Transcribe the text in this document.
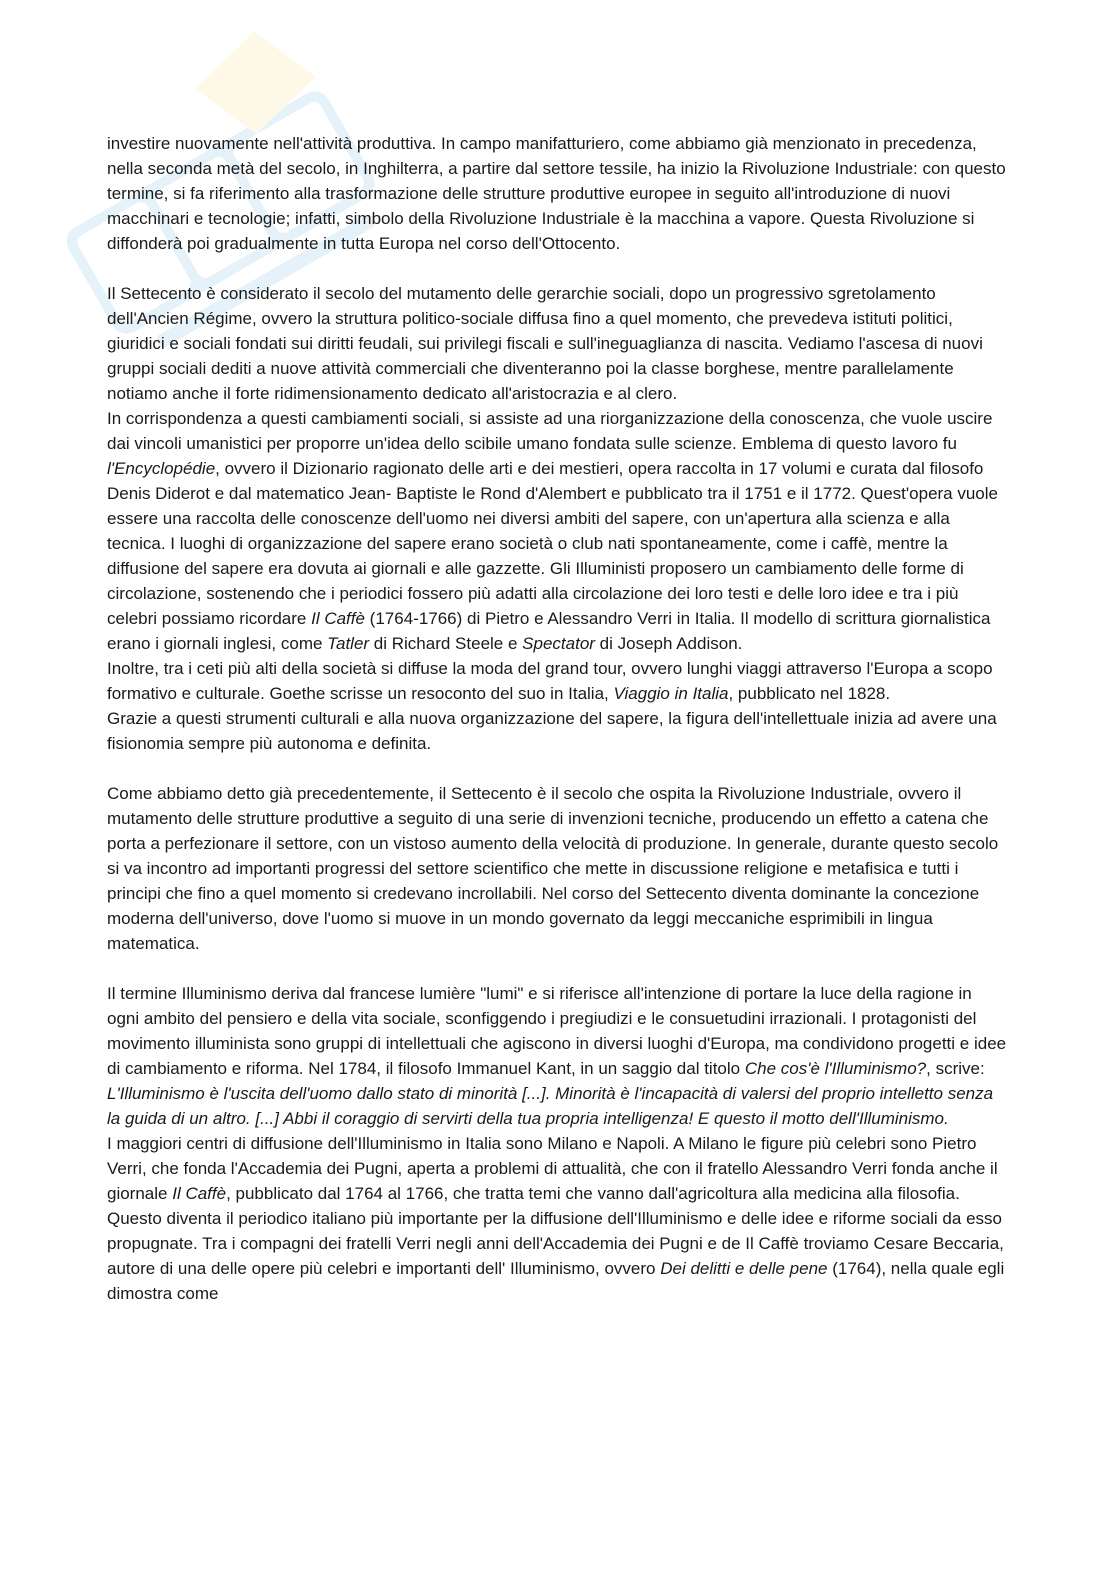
investire nuovamente nell'attività produttiva. In campo manifatturiero, come abbiamo già menzionato in precedenza, nella seconda metà del secolo, in Inghilterra, a partire dal settore tessile, ha inizio la Rivoluzione Industriale: con questo termine, si fa riferimento alla trasformazione delle strutture produttive europee in seguito all'introduzione di nuovi macchinari e tecnologie; infatti, simbolo della Rivoluzione Industriale è la macchina a vapore. Questa Rivoluzione si diffonderà poi gradualmente in tutta Europa nel corso dell'Ottocento.

Il Settecento è considerato il secolo del mutamento delle gerarchie sociali, dopo un progressivo sgretolamento dell'Ancien Régime, ovvero la struttura politico-sociale diffusa fino a quel momento, che prevedeva istituti politici, giuridici e sociali fondati sui diritti feudali, sui privilegi fiscali e sull'ineguaglianza di nascita. Vediamo l'ascesa di nuovi gruppi sociali dediti a nuove attività commerciali che diventeranno poi la classe borghese, mentre parallelamente notiamo anche il forte ridimensionamento dedicato all'aristocrazia e al clero.

In corrispondenza a questi cambiamenti sociali, si assiste ad una riorganizzazione della conoscenza, che vuole uscire dai vincoli umanistici per proporre un'idea dello scibile umano fondata sulle scienze. Emblema di questo lavoro fu l'Encyclopédie, ovvero il Dizionario ragionato delle arti e dei mestieri, opera raccolta in 17 volumi e curata dal filosofo Denis Diderot e dal matematico Jean- Baptiste le Rond d'Alembert e pubblicato tra il 1751 e il 1772. Quest'opera vuole essere una raccolta delle conoscenze dell'uomo nei diversi ambiti del sapere, con un'apertura alla scienza e alla tecnica. I luoghi di organizzazione del sapere erano società o club nati spontaneamente, come i caffè, mentre la diffusione del sapere era dovuta ai giornali e alle gazzette. Gli Illuministi proposero un cambiamento delle forme di circolazione, sostenendo che i periodici fossero più adatti alla circolazione dei loro testi e delle loro idee e tra i più celebri possiamo ricordare Il Caffè (1764-1766) di Pietro e Alessandro Verri in Italia. Il modello di scrittura giornalistica erano i giornali inglesi, come Tatler di Richard Steele e Spectator di Joseph Addison.

Inoltre, tra i ceti più alti della società si diffuse la moda del grand tour, ovvero lunghi viaggi attraverso l'Europa a scopo formativo e culturale. Goethe scrisse un resoconto del suo in Italia, Viaggio in Italia, pubblicato nel 1828.

Grazie a questi strumenti culturali e alla nuova organizzazione del sapere, la figura dell'intellettuale inizia ad avere una fisionomia sempre più autonoma e definita.

Come abbiamo detto già precedentemente, il Settecento è il secolo che ospita la Rivoluzione Industriale, ovvero il mutamento delle strutture produttive a seguito di una serie di invenzioni tecniche, producendo un effetto a catena che porta a perfezionare il settore, con un vistoso aumento della velocità di produzione. In generale, durante questo secolo si va incontro ad importanti progressi del settore scientifico che mette in discussione religione e metafisica e tutti i principi che fino a quel momento si credevano incrollabili. Nel corso del Settecento diventa dominante la concezione moderna dell'universo, dove l'uomo si muove in un mondo governato da leggi meccaniche esprimibili in lingua matematica.

Il termine Illuminismo deriva dal francese lumière "lumi" e si riferisce all'intenzione di portare la luce della ragione in ogni ambito del pensiero e della vita sociale, sconfiggendo i pregiudizi e le consuetudini irrazionali. I protagonisti del movimento illuminista sono gruppi di intellettuali che agiscono in diversi luoghi d'Europa, ma condividono progetti e idee di cambiamento e riforma. Nel 1784, il filosofo Immanuel Kant, in un saggio dal titolo Che cos'è l'Illuminismo?, scrive:

L'Illuminismo è l'uscita dell'uomo dallo stato di minorità [...]. Minorità è l'incapacità di valersi del proprio intelletto senza la guida di un altro. [...] Abbi il coraggio di servirti della tua propria intelligenza! E questo il motto dell'Illuminismo.

I maggiori centri di diffusione dell'Illuminismo in Italia sono Milano e Napoli. A Milano le figure più celebri sono Pietro Verri, che fonda l'Accademia dei Pugni, aperta a problemi di attualità, che con il fratello Alessandro Verri fonda anche il giornale Il Caffè, pubblicato dal 1764 al 1766, che tratta temi che vanno dall'agricoltura alla medicina alla filosofia. Questo diventa il periodico italiano più importante per la diffusione dell'Illuminismo e delle idee e riforme sociali da esso propugnate. Tra i compagni dei fratelli Verri negli anni dell'Accademia dei Pugni e de Il Caffè troviamo Cesare Beccaria, autore di una delle opere più celebri e importanti dell' Illuminismo, ovvero Dei delitti e delle pene (1764), nella quale egli dimostra come
